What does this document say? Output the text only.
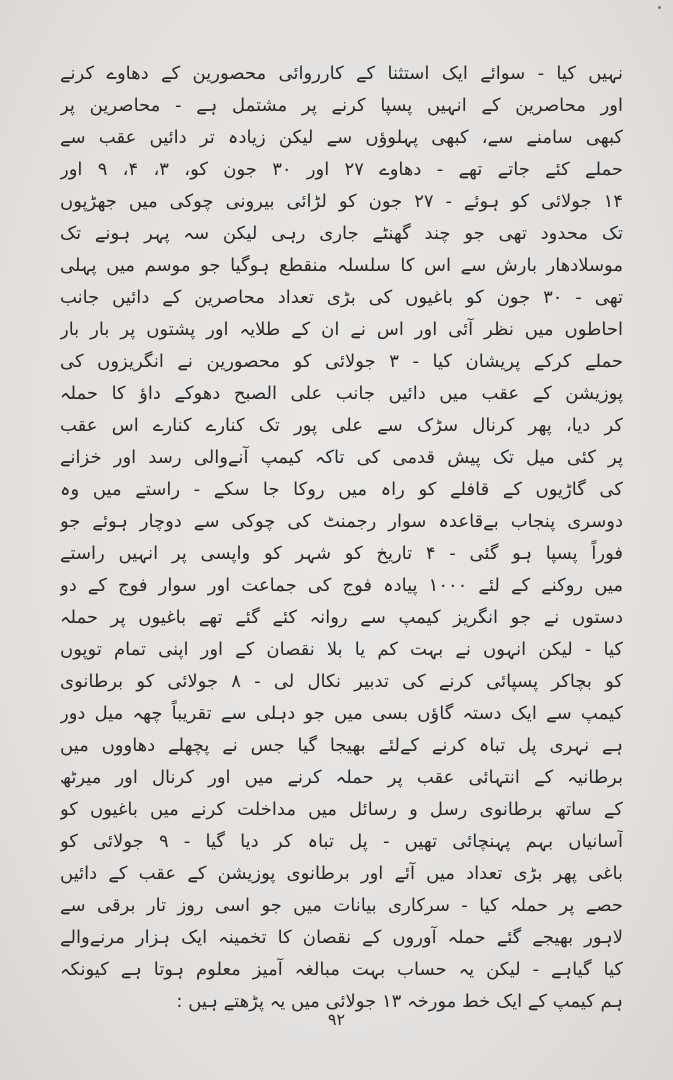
نہیں کیا - سوائے ایک استثنا کے کارروائی محصورین کے دھاوے کرنے
اور محاصرین کے انہیں پسپا کرنے پر مشتمل ہے - محاصرین پر
کبھی سامنے سے، کبھی پہلوؤں سے لیکن زیادہ تر دائیں عقب سے
حملے کئے جاتے تھے - دھاوے ۲۷ اور ۳۰ جون کو، ۳، ۴، ۹ اور
۱۴ جولائی کو ہوئے - ۲۷ جون کو لڑائی بیرونی چوکی میں جھڑپوں
تک محدود تھی جو چند گھنٹے جاری رہی لیکن سہ پہر ہونے تک
موسلادھار بارش سے اس کا سلسلہ منقطع ہوگیا جو موسم میں پہلی
تھی - ۳۰ جون کو باغیوں کی بڑی تعداد محاصرین کے دائیں جانب
احاطوں میں نظر آئی اور اس نے ان کے طلایہ اور پشتوں پر بار بار
حملے کرکے پریشان کیا - ۳ جولائی کو محصورین نے انگریزوں کی
پوزیشن کے عقب میں دائیں جانب علی الصبح دھوکے داؤ کا حملہ
کر دیا، پھر کرنال سڑک سے علی پور تک کنارے کنارے اس عقب
پر کئی میل تک پیش قدمی کی تاکہ کیمپ آنےوالی رسد اور خزانے
کی گاڑیوں کے قافلے کو راہ میں روکا جا سکے - راستے میں وہ
دوسری پنجاب بےقاعدہ سوار رجمنٹ کی چوکی سے دوچار ہوئے جو
فوراً پسپا ہو گئی - ۴ تاریخ کو شہر کو واپسی پر انہیں راستے
میں روکنے کے لئے ۱۰۰۰ پیادہ فوج کی جماعت اور سوار فوج کے دو
دستوں نے جو انگریز کیمپ سے روانہ کئے گئے تھے باغیوں پر حملہ
کیا - لیکن انہوں نے بہت کم یا بلا نقصان کے اور اپنی تمام توپوں
کو بچاکر پسپائی کرنے کی تدبیر نکال لی - ۸ جولائی کو برطانوی
کیمپ سے ایک دستہ گاؤں بسی میں جو دہلی سے تقریباً چھہ میل دور
ہے نہری پل تباہ کرنے کےلئے بھیجا گیا جس نے پچھلے دھاووں میں
برطانیہ کے انتہائی عقب پر حملہ کرنے میں اور کرنال اور میرٹھ
کے ساتھ برطانوی رسل و رسائل میں مداخلت کرنے میں باغیوں کو
آسانیاں بہم پہنچائی تھیں - پل تباہ کر دیا گیا - ۹ جولائی کو
باغی پھر بڑی تعداد میں آئے اور برطانوی پوزیشن کے عقب کے دائیں
حصے پر حملہ کیا - سرکاری بیانات میں جو اسی روز تار برقی سے
لاہور بھیجے گئے حملہ آوروں کے نقصان کا تخمینہ ایک ہزار مرنےوالے
کیا گیاہے - لیکن یہ حساب بہت مبالغہ آمیز معلوم ہوتا ہے کیونکہ
ہم کیمپ کے ایک خط مورخہ ۱۳ جولائی میں یہ پڑھتے ہیں :
۹۲
